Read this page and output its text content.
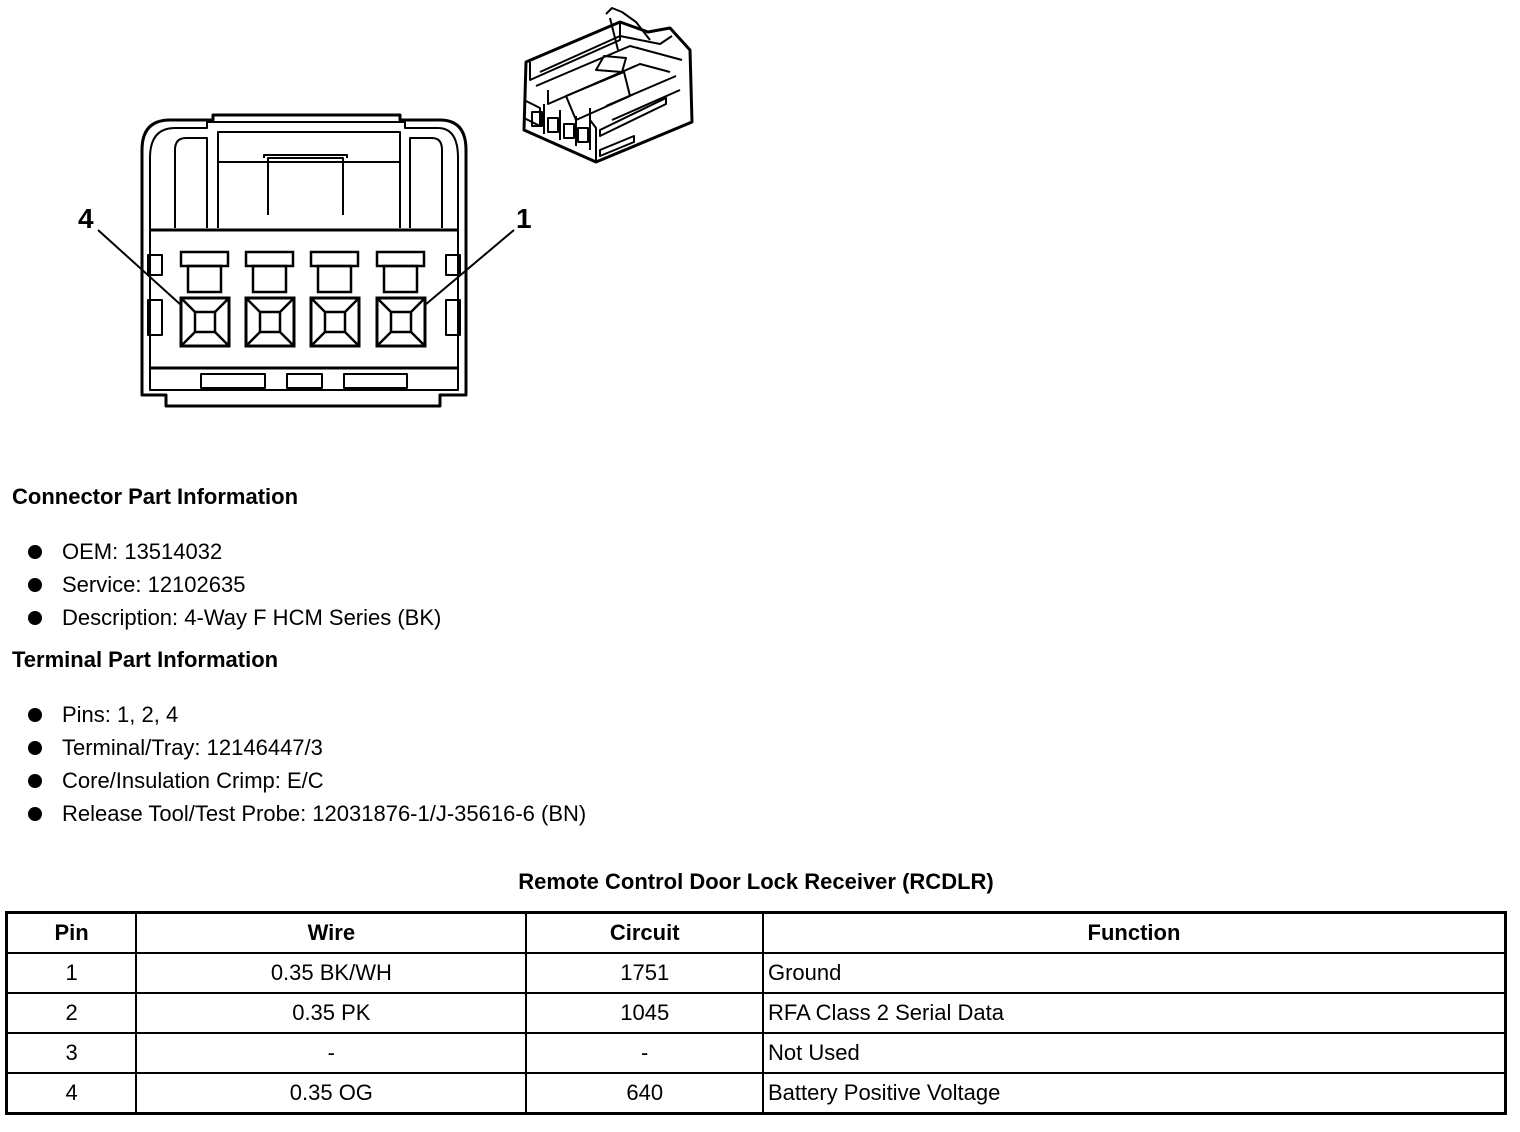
4	1
Connector Part Information
OEM: 13514032
Service: 12102635
Description: 4-Way F HCM Series (BK)
Terminal Part Information
Pins: 1, 2, 4
Terminal/Tray: 12146447/3
Core/Insulation Crimp: E/C
Release Tool/Test Probe: 12031876-1/J-35616-6 (BN)
Remote Control Door Lock Receiver (RCDLR)
Pin	Wire	Circuit	Function
1	0.35 BK/WH	1751	Ground
2	0.35 PK	1045	RFA Class 2 Serial Data
3	-	-	Not Used
4	0.35 OG	640	Battery Positive Voltage
